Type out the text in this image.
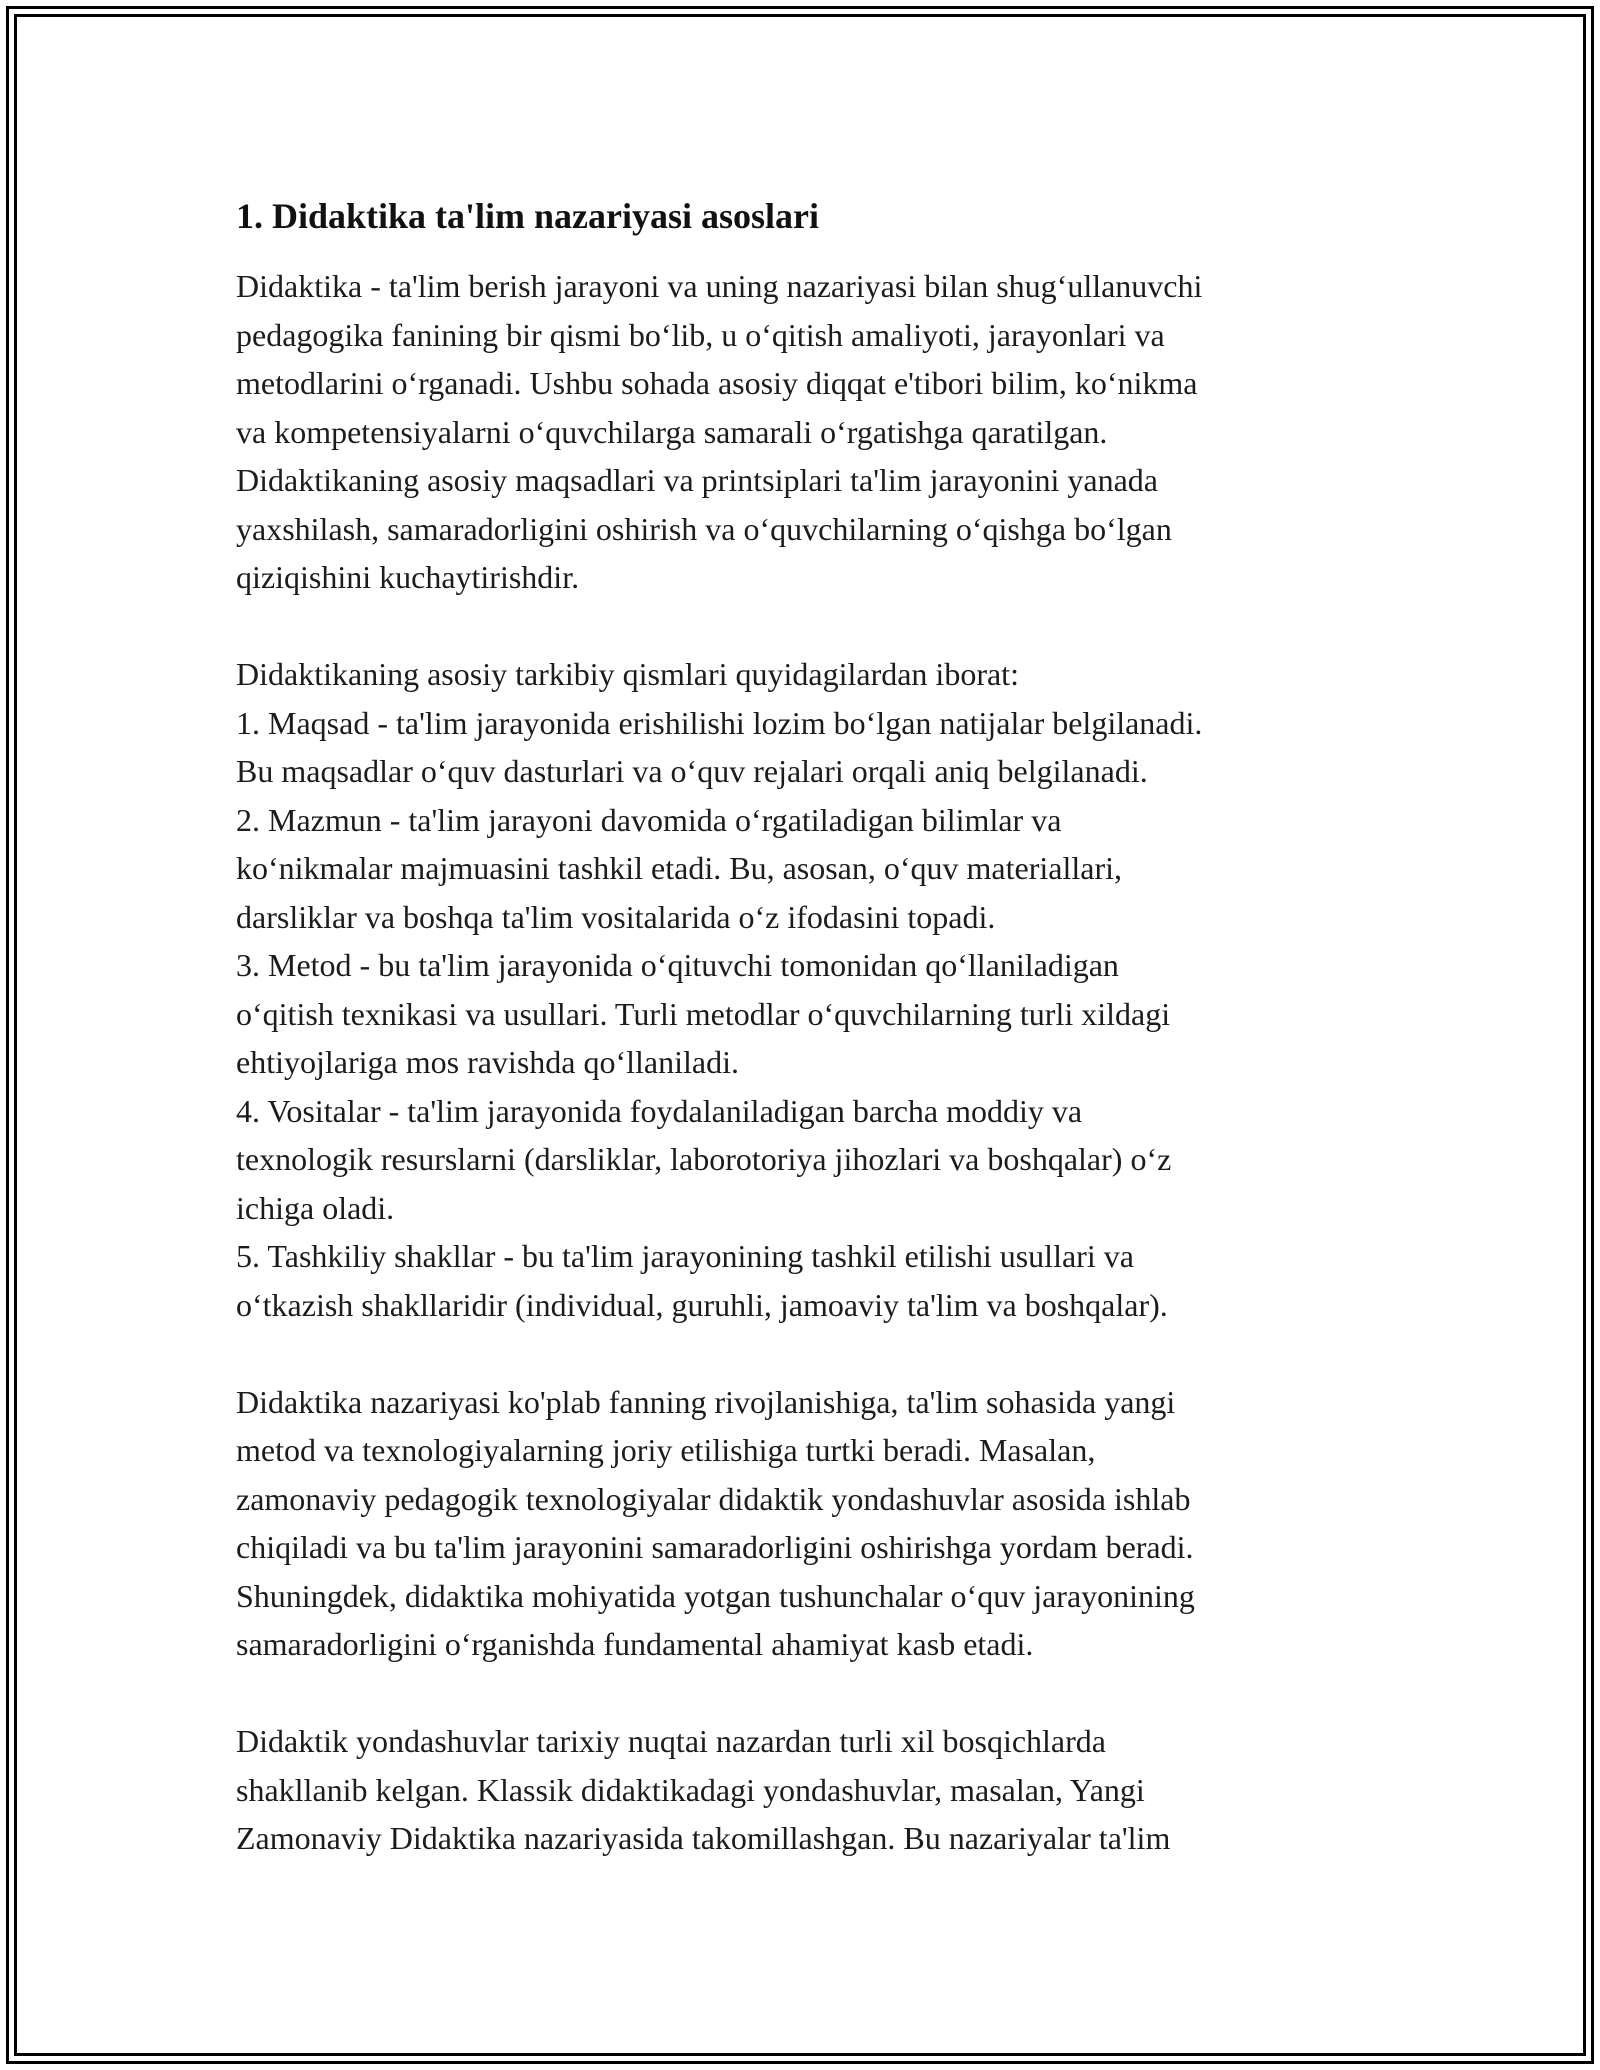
1. Didaktika ta'lim nazariyasi asoslari

Didaktika - ta'lim berish jarayoni va uning nazariyasi bilan shug‘ullanuvchi
pedagogika fanining bir qismi bo‘lib, u o‘qitish amaliyoti, jarayonlari va
metodlarini o‘rganadi. Ushbu sohada asosiy diqqat e'tibori bilim, ko‘nikma
va kompetensiyalarni o‘quvchilarga samarali o‘rgatishga qaratilgan.
Didaktikaning asosiy maqsadlari va printsiplari ta'lim jarayonini yanada
yaxshilash, samaradorligini oshirish va o‘quvchilarning o‘qishga bo‘lgan
qiziqishini kuchaytirishdir.

Didaktikaning asosiy tarkibiy qismlari quyidagilardan iborat:
1. Maqsad - ta'lim jarayonida erishilishi lozim bo‘lgan natijalar belgilanadi.
Bu maqsadlar o‘quv dasturlari va o‘quv rejalari orqali aniq belgilanadi.
2. Mazmun - ta'lim jarayoni davomida o‘rgatiladigan bilimlar va
ko‘nikmalar majmuasini tashkil etadi. Bu, asosan, o‘quv materiallari,
darsliklar va boshqa ta'lim vositalarida o‘z ifodasini topadi.
3. Metod - bu ta'lim jarayonida o‘qituvchi tomonidan qo‘llaniladigan
o‘qitish texnikasi va usullari. Turli metodlar o‘quvchilarning turli xildagi
ehtiyojlariga mos ravishda qo‘llaniladi.
4. Vositalar - ta'lim jarayonida foydalaniladigan barcha moddiy va
texnologik resurslarni (darsliklar, laborotoriya jihozlari va boshqalar) o‘z
ichiga oladi.
5. Tashkiliy shakllar - bu ta'lim jarayonining tashkil etilishi usullari va
o‘tkazish shakllaridir (individual, guruhli, jamoaviy ta'lim va boshqalar).

Didaktika nazariyasi ko'plab fanning rivojlanishiga, ta'lim sohasida yangi
metod va texnologiyalarning joriy etilishiga turtki beradi. Masalan,
zamonaviy pedagogik texnologiyalar didaktik yondashuvlar asosida ishlab
chiqiladi va bu ta'lim jarayonini samaradorligini oshirishga yordam beradi.
Shuningdek, didaktika mohiyatida yotgan tushunchalar o‘quv jarayonining
samaradorligini o‘rganishda fundamental ahamiyat kasb etadi.

Didaktik yondashuvlar tarixiy nuqtai nazardan turli xil bosqichlarda
shakllanib kelgan. Klassik didaktikadagi yondashuvlar, masalan, Yangi
Zamonaviy Didaktika nazariyasida takomillashgan. Bu nazariyalar ta'lim
